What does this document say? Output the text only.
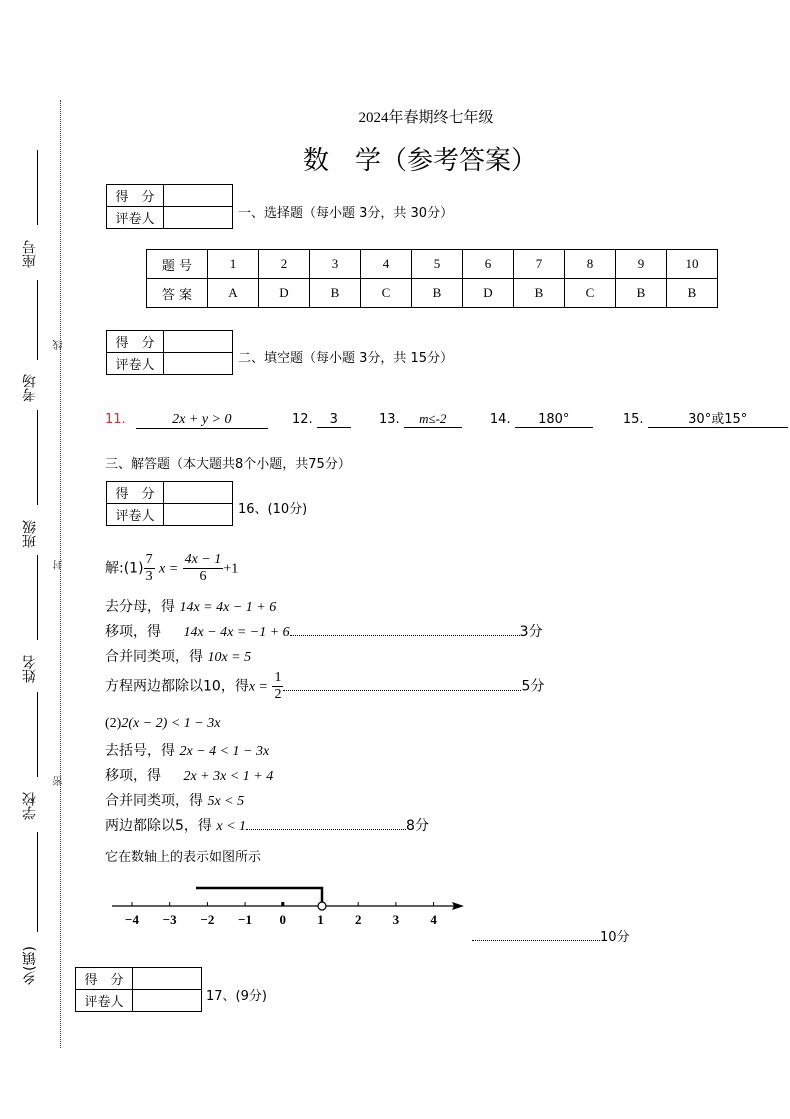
座号
考场
班级
姓名
学校
乡(镇)
线
封
密
2024年春期终七年级
数　学（参考答案）
得　分	
评卷人		一、选择题（每小题 3分，共 30分）
题 号	1	2	3	4	5	6	7	8	9	10
答 案	A	D	B	C	B	D	B	C	B	B
得　分	
评卷人		二、填空题（每小题 3分，共 15分）
11.	2x + y > 0	12. 3	13. m≤-2	14. 180°	15.	30°或15°
三、解答题（本大题共8个小题，共75分）
得　分	
评卷人		16、(10分)
解:(1) $\frac{7}{3}$ $x = \frac{4x - 1}{6} +1$
去分母，得 14x = 4x − 1 + 6
移项，得 14x − 4x = −1 + 6	3分
合并同类项，得 10x = 5
方程两边都除以10，得$x = \frac{1}{2}$	5分
(2)2(x − 2) < 1 − 3x
去括号，得 2x − 4 < 1 − 3x
移项，得 2x + 3x < 1 + 4
合并同类项，得 5x < 5
两边都除以5，得 x < 1	8分
它在数轴上的表示如图所示
−4 −3 −2 −1 0 1 2 3 4
10分
得　分	
评卷人		17、(9分)
